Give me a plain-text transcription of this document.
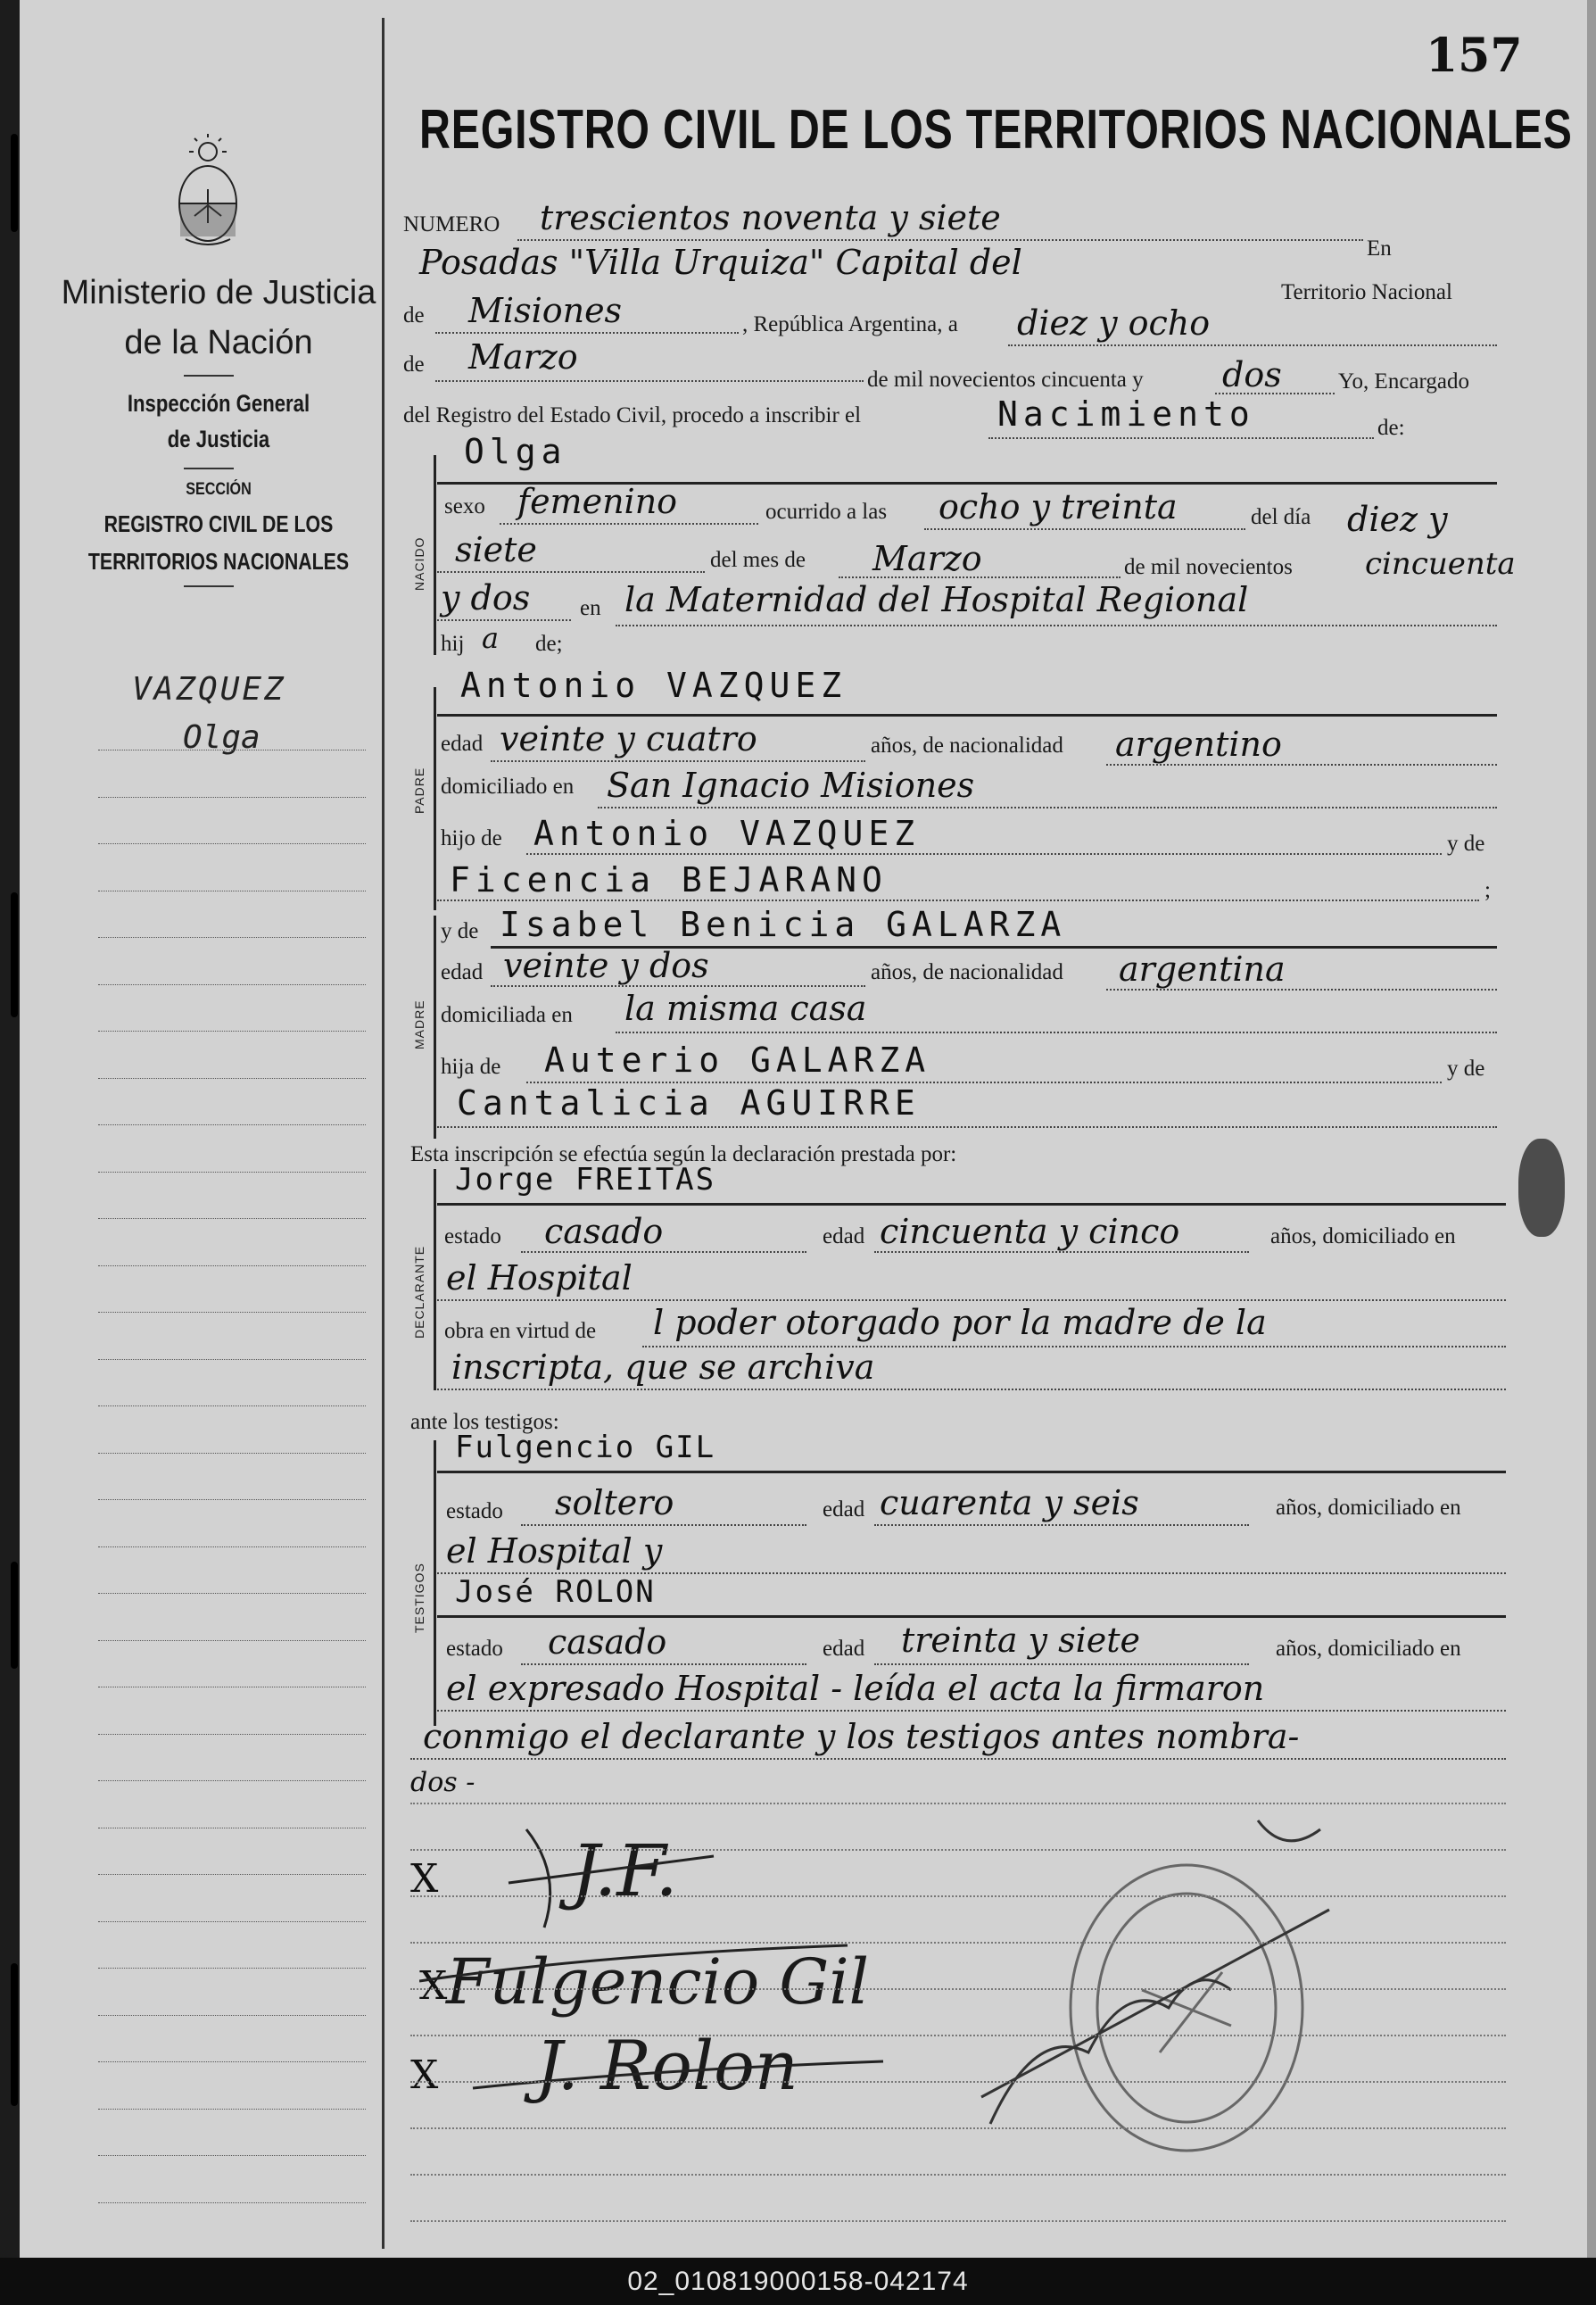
Ministerio de Justicia
de la Nación
Inspección General
de Justicia
SECCIÓN
REGISTRO CIVIL DE LOS
TERRITORIOS NACIONALES
VAZQUEZ
Olga
157
REGISTRO CIVIL DE LOS TERRITORIOS NACIONALES
NUMERO trescientos noventa y siete
En
Posadas "Villa Urquiza" Capital del
Territorio Nacional
de Misiones	, República Argentina, a diez y ocho
de Marzo
de mil novecientos cincuenta y dos	Yo, Encargado
del Registro del Estado Civil, procedo a inscribir el	Nacimiento	de:
NACIDO
Olga
sexo femenino	ocurrido a las ocho y treinta	del día diez y
siete	del mes de Marzo	de mil novecientos cincuenta
y dos en la Maternidad del Hospital Regional
hij a de;
PADRE
Antonio VAZQUEZ
edad veinte y cuatro	años, de nacionalidad argentino
domiciliado en San Ignacio Misiones
hijo de Antonio VAZQUEZ	y de
Ficencia BEJARANO	;
MADRE
y de Isabel Benicia GALARZA
edad veinte y dos	años, de nacionalidad argentina
domiciliada en la misma casa
hija de Auterio GALARZA	y de
Cantalicia AGUIRRE
Esta inscripción se efectúa según la declaración prestada por:
DECLARANTE
Jorge FREITAS
estado casado	edad cincuenta y cinco	años, domiciliado en
el Hospital
obra en virtud de l poder otorgado por la madre de la
inscripta, que se archiva
ante los testigos:
TESTIGOS
Fulgencio GIL
estado soltero	edad cuarenta y seis	años, domiciliado en
el Hospital y
José ROLON
estado casado	edad treinta y siete	años, domiciliado en
el expresado Hospital - leída el acta la firmaron
conmigo el declarante y los testigos antes nombra-
dos -
X
X
X
J.F.
Fulgencio Gil
J. Rolon
02_010819000158-042174
